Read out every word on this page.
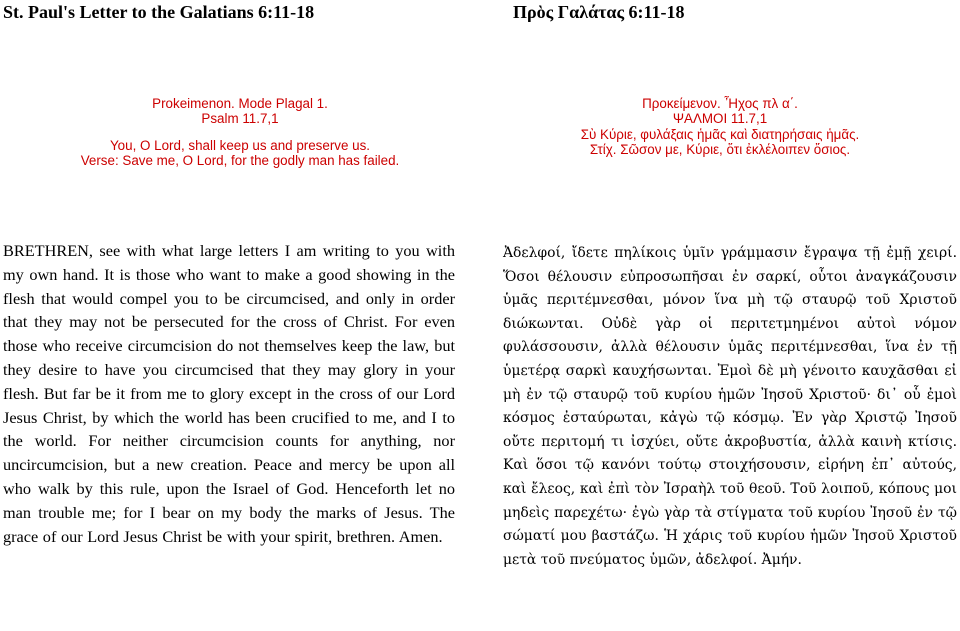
St. Paul's Letter to the Galatians 6:11-18	Πρὸς Γαλάτας 6:11-18
Prokeimenon. Mode Plagal 1.
Psalm 11.7,1
You, O Lord, shall keep us and preserve us.
Verse: Save me, O Lord, for the godly man has failed.
Προκείμενον. Ἦχος πλ α΄.
ΨΑΛΜΟΙ 11.7,1
Σὺ Κύριε, φυλάξαις ἡμᾶς καὶ διατηρήσαις ἡμᾶς.
Στίχ. Σῶσον με, Κύριε, ὅτι ἐκλέλοιπεν ὅσιος.
BRETHREN, see with what large letters I am writing to you with my own hand. It is those who want to make a good showing in the flesh that would compel you to be circumcised, and only in order that they may not be persecuted for the cross of Christ. For even those who receive circumcision do not themselves keep the law, but they desire to have you circumcised that they may glory in your flesh. But far be it from me to glory except in the cross of our Lord Jesus Christ, by which the world has been crucified to me, and I to the world. For neither circumcision counts for anything, nor uncircumcision, but a new creation. Peace and mercy be upon all who walk by this rule, upon the Israel of God. Henceforth let no man trouble me; for I bear on my body the marks of Jesus. The grace of our Lord Jesus Christ be with your spirit, brethren. Amen.
Ἀδελφοί, ἴδετε πηλίκοις ὑμῖν γράμμασιν ἔγραψα τῇ ἐμῇ χειρί. Ὅσοι θέλουσιν εὐπροσωπῆσαι ἐν σαρκί, οὗτοι ἀναγκάζουσιν ὑμᾶς περιτέμνεσθαι, μόνον ἵνα μὴ τῷ σταυρῷ τοῦ Χριστοῦ διώκωνται. Οὐδὲ γὰρ οἱ περιτετμημένοι αὐτοὶ νόμον φυλάσσουσιν, ἀλλὰ θέλουσιν ὑμᾶς περιτέμνεσθαι, ἵνα ἐν τῇ ὑμετέρᾳ σαρκὶ καυχήσωνται. Ἐμοὶ δὲ μὴ γένοιτο καυχᾶσθαι εἰ μὴ ἐν τῷ σταυρῷ τοῦ κυρίου ἡμῶν Ἰησοῦ Χριστοῦ· δι᾽ οὗ ἐμοὶ κόσμος ἐσταύρωται, κἀγὼ τῷ κόσμῳ. Ἐν γὰρ Χριστῷ Ἰησοῦ οὔτε περιτομή τι ἰσχύει, οὔτε ἀκροβυστία, ἀλλὰ καινὴ κτίσις. Καὶ ὅσοι τῷ κανόνι τούτῳ στοιχήσουσιν, εἰρήνη ἐπ᾽ αὐτούς, καὶ ἔλεος, καὶ ἐπὶ τὸν Ἰσραὴλ τοῦ θεοῦ. Τοῦ λοιποῦ, κόπους μοι μηδεὶς παρεχέτω· ἐγὼ γὰρ τὰ στίγματα τοῦ κυρίου Ἰησοῦ ἐν τῷ σώματί μου βαστάζω. Ἡ χάρις τοῦ κυρίου ἡμῶν Ἰησοῦ Χριστοῦ μετὰ τοῦ πνεύματος ὑμῶν, ἀδελφοί. Ἀμήν.
